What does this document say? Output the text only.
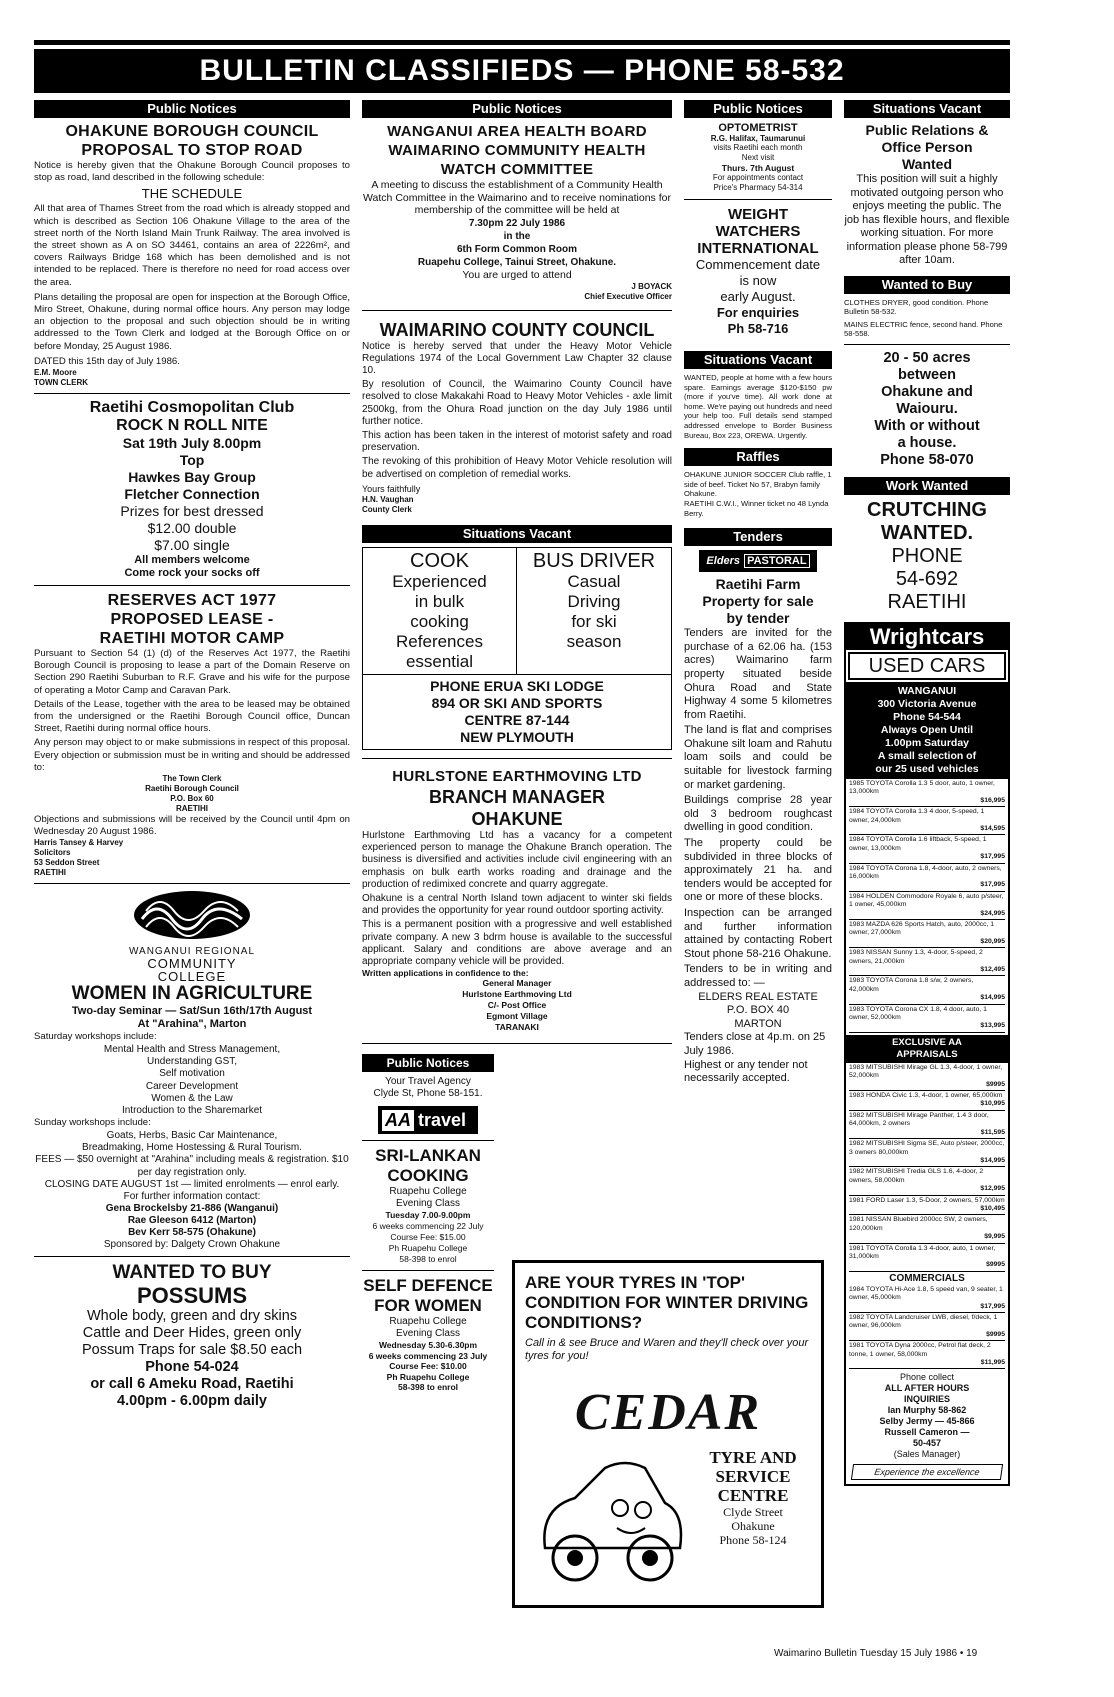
BULLETIN CLASSIFIEDS — PHONE 58-532
Public Notices
OHAKUNE BOROUGH COUNCIL
PROPOSAL TO STOP ROAD
Notice is hereby given that the Ohakune Borough Council proposes to stop as road, land described in the following schedule:
THE SCHEDULE
All that area of Thames Street from the road which is already stopped and which is described as Section 106 Ohakune Village to the area of the street north of the North Island Main Trunk Railway. The area involved is the street shown as A on SO 34461, contains an area of 2226m², and covers Railways Bridge 168 which has been demolished and is not intended to be replaced. There is therefore no need for road access over the area.
Plans detailing the proposal are open for inspection at the Borough Office, Miro Street, Ohakune, during normal office hours. Any person may lodge an objection to the proposal and such objection should be in writing addressed to the Town Clerk and lodged at the Borough Office on or before Monday, 25 August 1986.
DATED this 15th day of July 1986.
E.M. Moore
TOWN CLERK
Raetihi Cosmopolitan Club
ROCK N ROLL NITE
Sat 19th July 8.00pm
Top
Hawkes Bay Group
Fletcher Connection
Prizes for best dressed
$12.00 double
$7.00 single
All members welcome
Come rock your socks off
RESERVES ACT 1977
PROPOSED LEASE -
RAETIHI MOTOR CAMP
Pursuant to Section 54 (1) (d) of the Reserves Act 1977, the Raetihi Borough Council is proposing to lease a part of the Domain Reserve on Section 290 Raetihi Suburban to R.F. Grave and his wife for the purpose of operating a Motor Camp and Caravan Park.
Details of the Lease, together with the area to be leased may be obtained from the undersigned or the Raetihi Borough Council office, Duncan Street, Raetihi during normal office hours.
Any person may object to or make submissions in respect of this proposal. Every objection or submission must be in writing and should be addressed to:
The Town Clerk
Raetihi Borough Council
P.O. Box 60
RAETIHI
Objections and submissions will be received by the Council until 4pm on Wednesday 20 August 1986.
Harris Tansey & Harvey
Solicitors
53 Seddon Street
RAETIHI
WANGANUI REGIONAL
COMMUNITY
COLLEGE
WOMEN IN AGRICULTURE
Two-day Seminar — Sat/Sun 16th/17th August
At "Arahina", Marton
Saturday workshops include:
Mental Health and Stress Management,
Understanding GST,
Self motivation
Career Development
Women & the Law
Introduction to the Sharemarket
Sunday workshops include:
Goats, Herbs, Basic Car Maintenance,
Breadmaking, Home Hostessing & Rural Tourism.
FEES — $50 overnight at "Arahina" including meals & registration. $10 per day registration only.
CLOSING DATE AUGUST 1st — limited enrolments — enrol early.
For further information contact:
Gena Brockelsby 21-886 (Wanganui)
Rae Gleeson 6412 (Marton)
Bev Kerr 58-575 (Ohakune)
Sponsored by: Dalgety Crown Ohakune
WANTED TO BUY
POSSUMS
Whole body, green and dry skins
Cattle and Deer Hides, green only
Possum Traps for sale $8.50 each
Phone 54-024
or call 6 Ameku Road, Raetihi
4.00pm - 6.00pm daily
Public Notices
WANGANUI AREA HEALTH BOARD
WAIMARINO COMMUNITY HEALTH
WATCH COMMITTEE
A meeting to discuss the establishment of a Community Health Watch Committee in the Waimarino and to receive nominations for membership of the committee will be held at
7.30pm 22 July 1986
in the
6th Form Common Room
Ruapehu College, Tainui Street, Ohakune.
You are urged to attend
J BOYACK
Chief Executive Officer
WAIMARINO COUNTY COUNCIL
Notice is hereby served that under the Heavy Motor Vehicle Regulations 1974 of the Local Government Law Chapter 32 clause 10.
By resolution of Council, the Waimarino County Council have resolved to close Makakahi Road to Heavy Motor Vehicles - axle limit 2500kg, from the Ohura Road junction on the day July 1986 until further notice.
This action has been taken in the interest of motorist safety and road preservation.
The revoking of this prohibition of Heavy Motor Vehicle resolution will be advertised on completion of remedial works.
Yours faithfully
H.N. Vaughan
County Clerk
Situations Vacant
COOK
Experienced
in bulk
cooking
References
essential
BUS DRIVER
Casual
Driving
for ski
season
PHONE ERUA SKI LODGE
894 OR SKI AND SPORTS
CENTRE 87-144
NEW PLYMOUTH
HURLSTONE EARTHMOVING LTD
BRANCH MANAGER
OHAKUNE
Hurlstone Earthmoving Ltd has a vacancy for a competent experienced person to manage the Ohakune Branch operation. The business is diversified and activities include civil engineering with an emphasis on bulk earth works roading and drainage and the production of redimixed concrete and quarry aggregate.
Ohakune is a central North Island town adjacent to winter ski fields and provides the opportunity for year round outdoor sporting activity.
This is a permanent position with a progressive and well established private company. A new 3 bdrm house is available to the successful applicant. Salary and conditions are above average and an appropriate company vehicle will be provided.
Written applications in confidence to the:
General Manager
Hurlstone Earthmoving Ltd
C/- Post Office
Egmont Village
TARANAKI
Public Notices
Your Travel Agency
Clyde St, Phone 58-151.
AA travel
SRI-LANKAN
COOKING
Ruapehu College
Evening Class
Tuesday 7.00-9.00pm
6 weeks commencing 22 July
Course Fee: $15.00
Ph Ruapehu College
58-398 to enrol
SELF DEFENCE
FOR WOMEN
Ruapehu College
Evening Class
Wednesday 5.30-6.30pm
6 weeks commencing 23 July
Course Fee: $10.00
Ph Ruapehu College
58-398 to enrol
ARE YOUR TYRES IN 'TOP' CONDITION FOR WINTER DRIVING CONDITIONS?
Call in & see Bruce and Waren and they'll check over your tyres for you!
CEDAR
TYRE AND
SERVICE
CENTRE
Clyde Street
Ohakune
Phone 58-124
Public Notices
OPTOMETRIST
R.G. Halifax, Taumarunui
visits Raetihi each month
Next visit
Thurs. 7th August
For appointments contact
Price's Pharmacy 54-314
WEIGHT
WATCHERS
INTERNATIONAL
Commencement date
is now
early August.
For enquiries
Ph 58-716
Situations Vacant
WANTED, people at home with a few hours spare. Earnings average $120-$150 pw (more if you've time). All work done at home. We're paying out hundreds and need your help too. Full details send stamped addressed envelope to Border Business Bureau, Box 223, OREWA. Urgently.
Raffles
OHAKUNE JUNIOR SOCCER Club raffle, 1 side of beef. Ticket No 57, Brabyn family Ohakune.
RAETIHI C.W.I., Winner ticket no 48 Lynda Berry.
Tenders
Elders PASTORAL
Raetihi Farm
Property for sale
by tender
Tenders are invited for the purchase of a 62.06 ha. (153 acres) Waimarino farm property situated beside Ohura Road and State Highway 4 some 5 kilometres from Raetihi.
The land is flat and comprises Ohakune silt loam and Rahutu loam soils and could be suitable for livestock farming or market gardening.
Buildings comprise 28 year old 3 bedroom roughcast dwelling in good condition.
The property could be subdivided in three blocks of approximately 21 ha. and tenders would be accepted for one or more of these blocks.
Inspection can be arranged and further information attained by contacting Robert Stout phone 58-216 Ohakune.
Tenders to be in writing and addressed to: —
ELDERS REAL ESTATE
P.O. BOX 40
MARTON
Tenders close at 4p.m. on 25 July 1986.
Highest or any tender not necessarily accepted.
Situations Vacant
Public Relations &
Office Person
Wanted
This position will suit a highly motivated outgoing person who enjoys meeting the public. The job has flexible hours, and flexible working situation. For more information please phone 58-799 after 10am.
Wanted to Buy
CLOTHES DRYER, good condition. Phone Bulletin 58-532.
MAINS ELECTRIC fence, second hand. Phone 58-558.
20 - 50 acres
between
Ohakune and
Waiouru.
With or without
a house.
Phone 58-070
Work Wanted
CRUTCHING
WANTED.
PHONE
54-692
RAETIHI
Wrightcars
USED CARS
WANGANUI
300 Victoria Avenue
Phone 54-544
Always Open Until
1.00pm Saturday
A small selection of
our 25 used vehicles
1985 TOYOTA Corolla 1.3 5 door, auto, 1 owner, 13,000km
$16,995
1984 TOYOTA Corolla 1.3 4 door, 5-speed, 1 owner, 24,000km
$14,595
1984 TOYOTA Corolla 1.6 liftback, 5-speed, 1 owner, 13,000km
$17,995
1984 TOYOTA Corona 1.8, 4-door, auto, 2 owners, 16,000km
$17,995
1984 HOLDEN Commodore Royale 6, auto p/steer, 1 owner, 45,000km
$24,995
1983 MAZDA 626 Sports Hatch, auto, 2000cc, 1 owner, 27,000km
$20,995
1983 NISSAN Sunny 1.3, 4-door, 5-speed, 2 owners, 21,000km
$12,495
1983 TOYOTA Corona 1.8 s/w, 2 owners, 42,000km
$14,995
1983 TOYOTA Corona CX 1.8, 4 door, auto, 1 owner, 52,000km
$13,995
EXCLUSIVE AA
APPRAISALS
1983 MITSUBISHI Mirage GL 1.3, 4-door, 1 owner, 52,000km
$9995
1983 HONDA Civic 1.3, 4-door, 1 owner, 65,000km
$10,995
1982 MITSUBISHI Mirage Panther, 1.4 3 door, 64,000km, 2 owners
$11,595
1982 MITSUBISHI Sigma SE, Auto p/steer, 2000cc, 3 owners 80,000km
$14,995
1982 MITSUBISHI Tredia GLS 1.6, 4-door, 2 owners, 58,000km
$12,995
1981 FORD Laser 1.3, 5-Door, 2 owners, 57,000km
$10,495
1981 NISSAN Bluebird 2000cc SW, 2 owners, 120,000km
$9,995
1981 TOYOTA Corolla 1.3 4-door, auto, 1 owner, 31,000km
$9995
COMMERCIALS
1984 TOYOTA Hi-Ace 1.8, 5 speed van, 9 seater, 1 owner, 45,000km
$17,995
1982 TOYOTA Landcruiser LWB, diesel, f/deck, 1 owner, 96,000km
$9995
1981 TOYOTA Dyna 2000cc, Petrol flat deck, 2 tonne, 1 owner, 58,000km
$11,995
Phone collect
ALL AFTER HOURS
INQUIRIES
Ian Murphy 58-862
Selby Jermy — 45-866
Russell Cameron —
50-457
(Sales Manager)
Experience the excellence
Waimarino Bulletin Tuesday 15 July 1986 • 19
